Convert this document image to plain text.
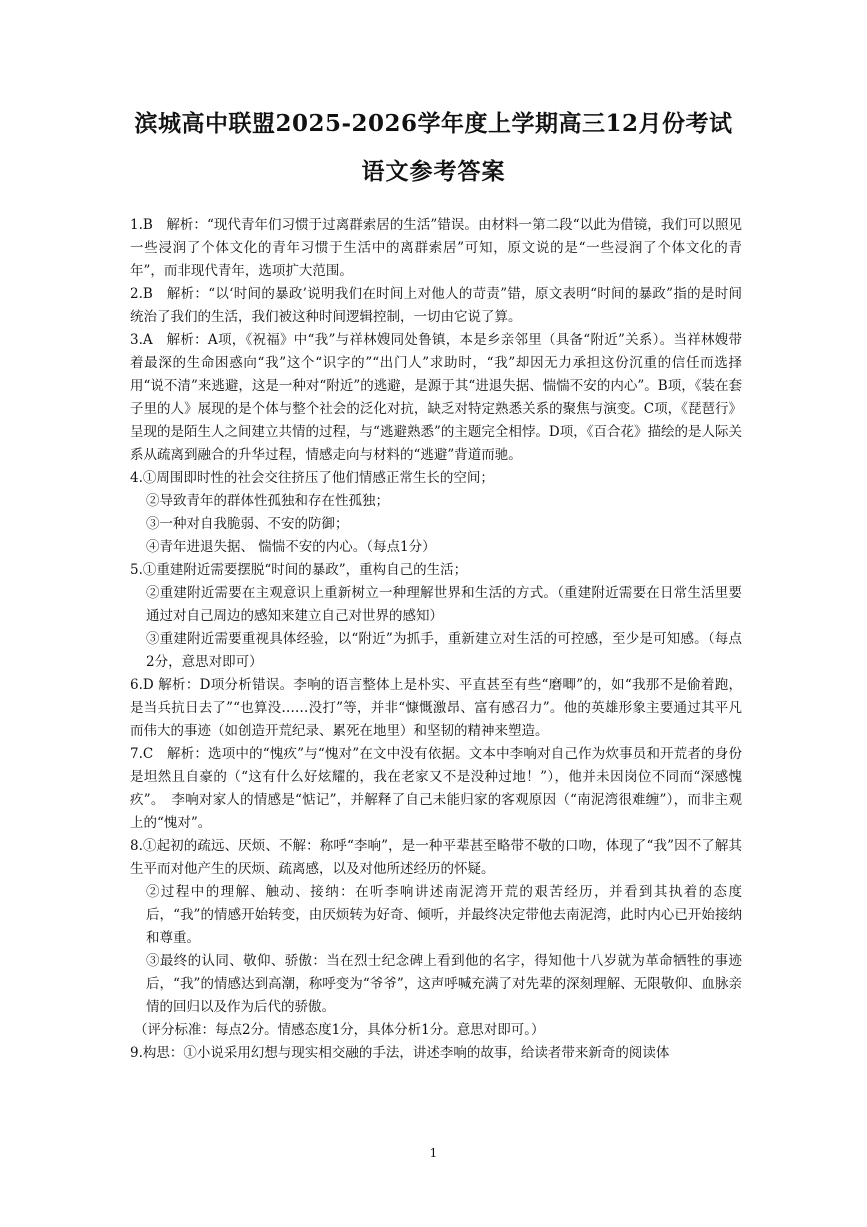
滨城高中联盟2025-2026学年度上学期高三12月份考试
语文参考答案

1.B　解析：“现代青年们习惯于过离群索居的生活”错误。由材料一第二段“以此为借镜，我们可以照见一些浸润了个体文化的青年习惯于生活中的离群索居”可知，原文说的是“一些浸润了个体文化的青年”，而非现代青年，选项扩大范围。

2.B　解析：“以‘时间的暴政’说明我们在时间上对他人的苛责”错，原文表明“时间的暴政”指的是时间统治了我们的生活，我们被这种时间逻辑控制，一切由它说了算。

3.A　解析：A项，《祝福》中“我”与祥林嫂同处鲁镇，本是乡亲邻里（具备“附近”关系）。当祥林嫂带着最深的生命困惑向“我”这个“识字的”“出门人”求助时，“我”却因无力承担这份沉重的信任而选择用“说不清”来逃避，这是一种对“附近”的逃避，是源于其“进退失据、惴惴不安的内心”。B项，《装在套子里的人》展现的是个体与整个社会的泛化对抗，缺乏对特定熟悉关系的聚焦与演变。C项，《琵琶行》呈现的是陌生人之间建立共情的过程，与“逃避熟悉”的主题完全相悖。D项，《百合花》描绘的是人际关系从疏离到融合的升华过程，情感走向与材料的“逃避”背道而驰。

4.①周围即时性的社会交往挤压了他们情感正常生长的空间；

②导致青年的群体性孤独和存在性孤独；

③一种对自我脆弱、不安的防御；

④青年进退失据、 惴惴不安的内心。（每点1分）

5.①重建附近需要摆脱“时间的暴政”，重构自己的生活；

②重建附近需要在主观意识上重新树立一种理解世界和生活的方式。（重建附近需要在日常生活里要通过对自己周边的感知来建立自己对世界的感知）

③重建附近需要重视具体经验，以“附近”为抓手，重新建立对生活的可控感，至少是可知感。（每点2分，意思对即可）

6.D 解析：D项分析错误。李响的语言整体上是朴实、平直甚至有些“磨唧”的，如“我那不是偷着跑，是当兵抗日去了”“也算没……没打”等，并非“慷慨激昂、富有感召力”。他的英雄形象主要通过其平凡而伟大的事迹（如创造开荒纪录、累死在地里）和坚韧的精神来塑造。

7.C　解析：选项中的“愧疚”与“愧对”在文中没有依据。文本中李响对自己作为炊事员和开荒者的身份是坦然且自豪的（“这有什么好炫耀的，我在老家又不是没种过地！”），他并未因岗位不同而“深感愧疚”。　李响对家人的情感是“惦记”，并解释了自己未能归家的客观原因（“南泥湾很难缠”），而非主观上的“愧对”。

8.①起初的疏远、厌烦、不解：称呼“李响”，是一种平辈甚至略带不敬的口吻，体现了“我”因不了解其生平而对他产生的厌烦、疏离感，以及对他所述经历的怀疑。

②过程中的理解、触动、接纳：在听李响讲述南泥湾开荒的艰苦经历，并看到其执着的态度后，“我”的情感开始转变，由厌烦转为好奇、倾听，并最终决定带他去南泥湾，此时内心已开始接纳和尊重。

③最终的认同、敬仰、骄傲：当在烈士纪念碑上看到他的名字，得知他十八岁就为革命牺牲的事迹后，“我”的情感达到高潮，称呼变为“爷爷”，这声呼喊充满了对先辈的深刻理解、无限敬仰、血脉亲情的回归以及作为后代的骄傲。

（评分标准：每点2分。情感态度1分，具体分析1分。意思对即可。）

9.构思：①小说采用幻想与现实相交融的手法，讲述李响的故事，给读者带来新奇的阅读体

1
